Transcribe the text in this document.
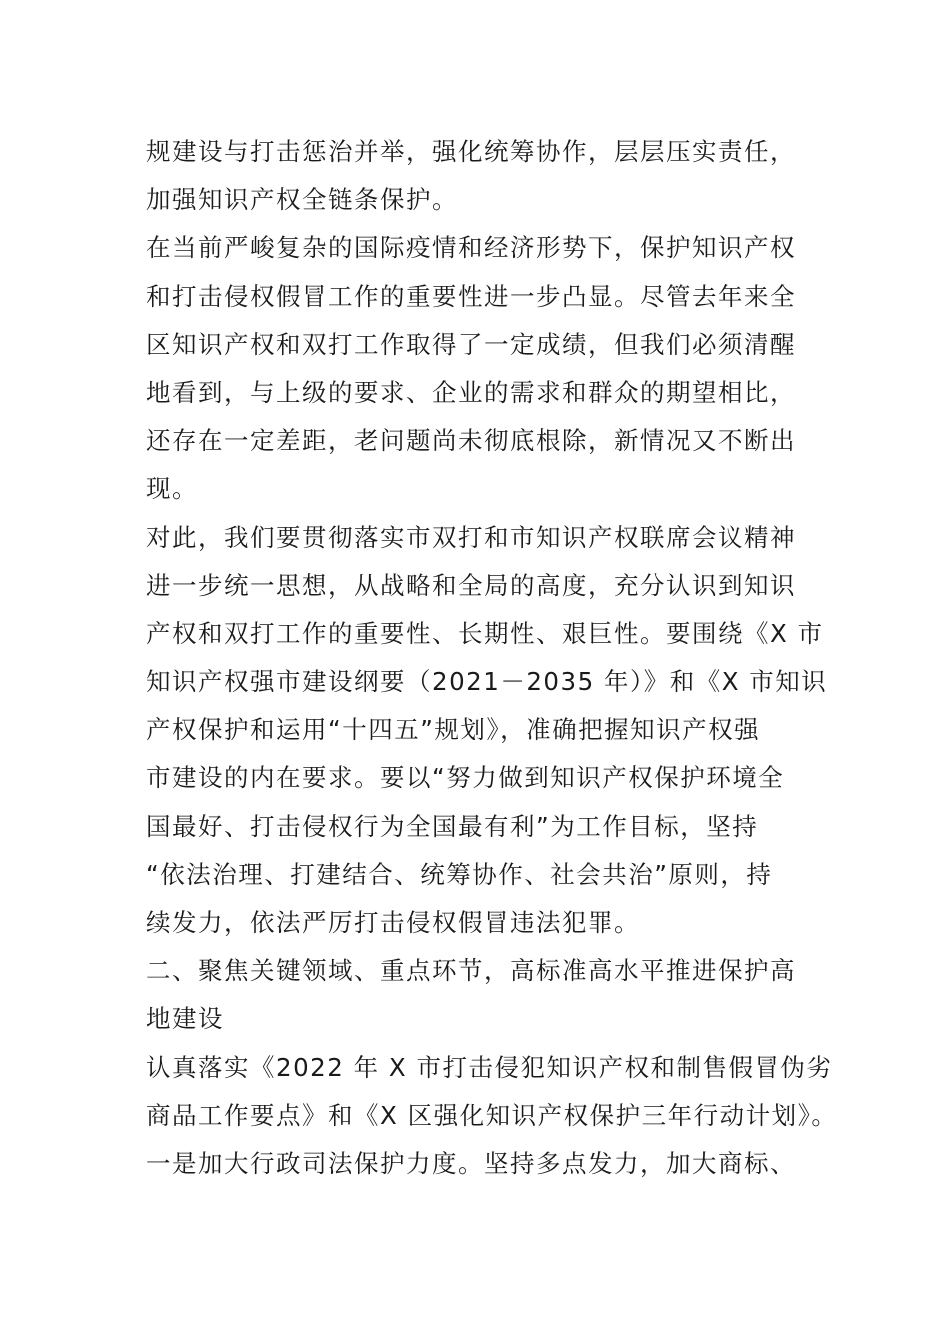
规建设与打击惩治并举，强化统筹协作，层层压实责任，
加强知识产权全链条保护。
在当前严峻复杂的国际疫情和经济形势下，保护知识产权
和打击侵权假冒工作的重要性进一步凸显。尽管去年来全
区知识产权和双打工作取得了一定成绩，但我们必须清醒
地看到，与上级的要求、企业的需求和群众的期望相比，
还存在一定差距，老问题尚未彻底根除，新情况又不断出
现。
对此，我们要贯彻落实市双打和市知识产权联席会议精神
进一步统一思想，从战略和全局的高度，充分认识到知识
产权和双打工作的重要性、长期性、艰巨性。要围绕《X 市
知识产权强市建设纲要（2021－2035 年）》和《X 市知识
产权保护和运用“十四五”规划》，准确把握知识产权强
市建设的内在要求。要以“努力做到知识产权保护环境全
国最好、打击侵权行为全国最有利”为工作目标，坚持
“依法治理、打建结合、统筹协作、社会共治”原则，持
续发力，依法严厉打击侵权假冒违法犯罪。
二、聚焦关键领域、重点环节，高标准高水平推进保护高
地建设
认真落实《2022 年 X 市打击侵犯知识产权和制售假冒伪劣
商品工作要点》和《X 区强化知识产权保护三年行动计划》。
一是加大行政司法保护力度。坚持多点发力，加大商标、
